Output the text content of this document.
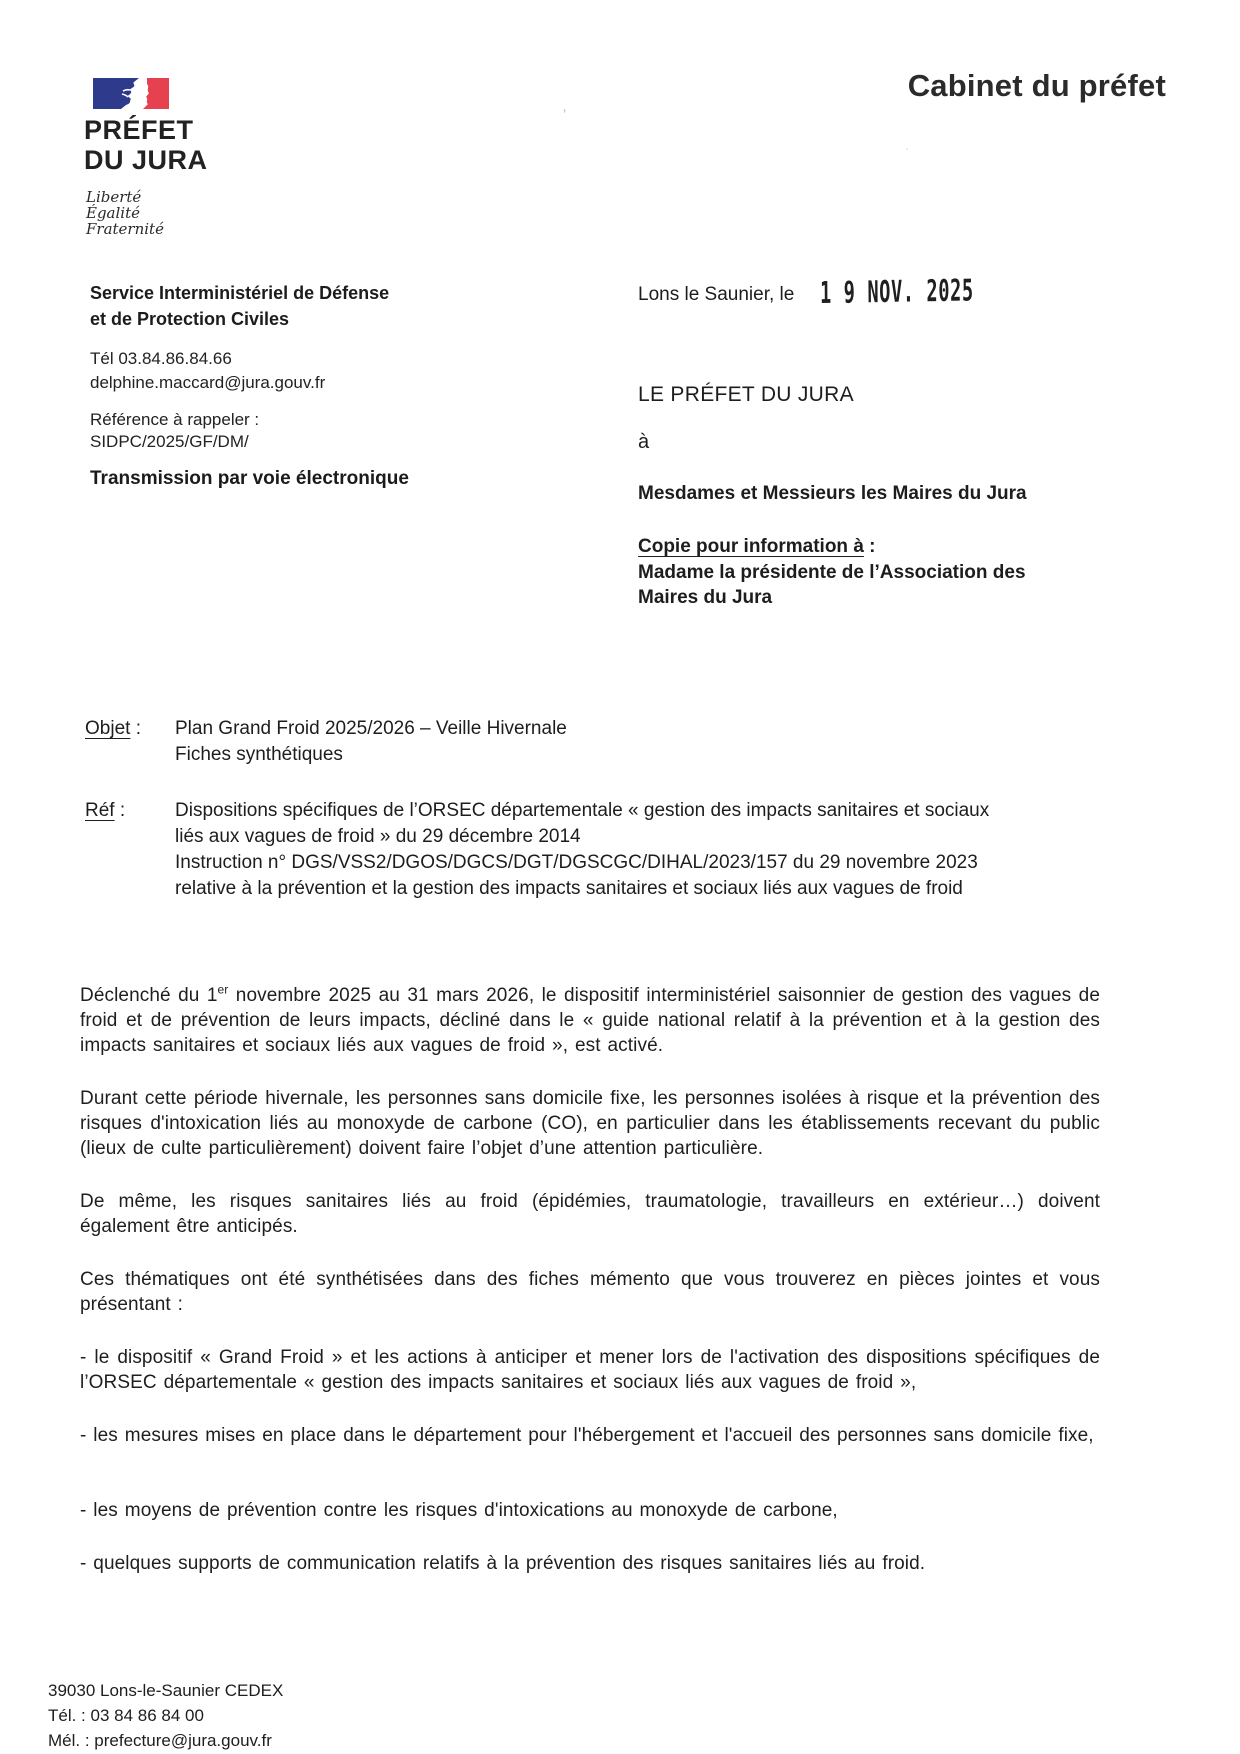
PRÉFET
DU JURA
Liberté
Égalité
Fraternité
Cabinet du préfet
’
·
Service Interministériel de Défense
et de Protection Civiles
Tél 03.84.86.84.66
delphine.maccard@jura.gouv.fr
Référence à rappeler :
SIDPC/2025/GF/DM/
Transmission par voie électronique
Lons le Saunier, le 1 9 NOV. 2025
LE PRÉFET DU JURA
à
Mesdames et Messieurs les Maires du Jura
Copie pour information à :
Madame la présidente de l’Association des
Maires du Jura
Objet :	Plan Grand Froid 2025/2026 – Veille Hivernale
Fiches synthétiques
Réf :	Dispositions spécifiques de l’ORSEC départementale « gestion des impacts sanitaires et sociaux liés aux vagues de froid » du 29 décembre 2014
Instruction n° DGS/VSS2/DGOS/DGCS/DGT/DGSCGC/DIHAL/2023/157 du 29 novembre 2023 relative à la prévention et la gestion des impacts sanitaires et sociaux liés aux vagues de froid

Déclenché du 1er novembre 2025 au 31 mars 2026, le dispositif interministériel saisonnier de gestion des vagues de froid et de prévention de leurs impacts, décliné dans le « guide national relatif à la prévention et à la gestion des impacts sanitaires et sociaux liés aux vagues de froid », est activé.

Durant cette période hivernale, les personnes sans domicile fixe, les personnes isolées à risque et la prévention des risques d'intoxication liés au monoxyde de carbone (CO), en particulier dans les établissements recevant du public (lieux de culte particulièrement) doivent faire l’objet d’une attention particulière.

De même, les risques sanitaires liés au froid (épidémies, traumatologie, travailleurs en extérieur…) doivent également être anticipés.

Ces thématiques ont été synthétisées dans des fiches mémento que vous trouverez en pièces jointes et vous présentant :

- le dispositif « Grand Froid » et les actions à anticiper et mener lors de l'activation des dispositions spécifiques de l’ORSEC départementale « gestion des impacts sanitaires et sociaux liés aux vagues de froid »,

- les mesures mises en place dans le département pour l'hébergement et l'accueil des personnes sans domicile fixe,

- les moyens de prévention contre les risques d'intoxications au monoxyde de carbone,

- quelques supports de communication relatifs à la prévention des risques sanitaires liés au froid.

39030 Lons-le-Saunier CEDEX
Tél. : 03 84 86 84 00
Mél. : prefecture@jura.gouv.fr
